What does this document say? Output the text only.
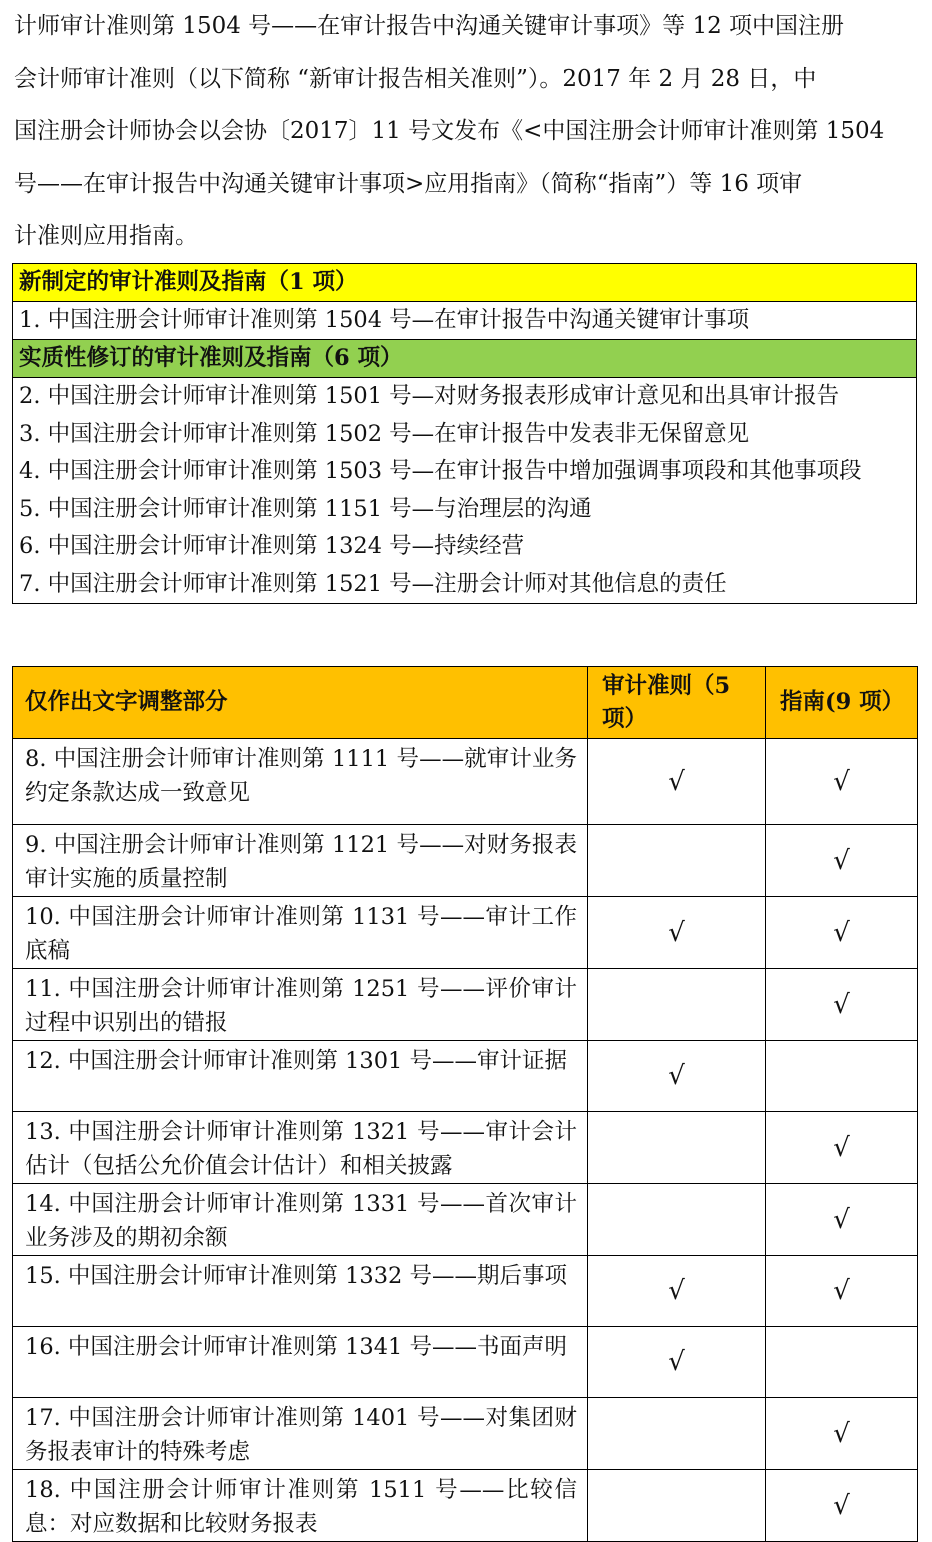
计师审计准则第 1504 号——在审计报告中沟通关键审计事项》等 12 项中国注册

会计师审计准则（以下简称 “新审计报告相关准则”）。2017 年 2 月 28 日，中

国注册会计师协会以会协〔2017〕11 号文发布《<中国注册会计师审计准则第 1504

号——在审计报告中沟通关键审计事项>应用指南》（简称“指南”）等 16 项审

计准则应用指南。

新制定的审计准则及指南（1 项）
1. 中国注册会计师审计准则第 1504 号—在审计报告中沟通关键审计事项
实质性修订的审计准则及指南（6 项）

2. 中国注册会计师审计准则第 1501 号—对财务报表形成审计意见和出具审计报告
3. 中国注册会计师审计准则第 1502 号—在审计报告中发表非无保留意见
4. 中国注册会计师审计准则第 1503 号—在审计报告中增加强调事项段和其他事项段
5. 中国注册会计师审计准则第 1151 号—与治理层的沟通
6. 中国注册会计师审计准则第 1324 号—持续经营
7. 中国注册会计师审计准则第 1521 号—注册会计师对其他信息的责任
仅作出文字调整部分	审计准则（5 项）	指南(9 项）
8. 中国注册会计师审计准则第 1111 号——就审计业务约定条款达成一致意见	√	√
9. 中国注册会计师审计准则第 1121 号——对财务报表审计实施的质量控制		√
10. 中国注册会计师审计准则第 1131 号——审计工作底稿	√	√
11. 中国注册会计师审计准则第 1251 号——评价审计过程中识别出的错报		√
12. 中国注册会计师审计准则第 1301 号——审计证据	√	
13. 中国注册会计师审计准则第 1321 号——审计会计估计（包括公允价值会计估计）和相关披露		√
14. 中国注册会计师审计准则第 1331 号——首次审计业务涉及的期初余额		√
15. 中国注册会计师审计准则第 1332 号——期后事项	√	√
16. 中国注册会计师审计准则第 1341 号——书面声明	√	
17. 中国注册会计师审计准则第 1401 号——对集团财务报表审计的特殊考虑		√
18. 中国注册会计师审计准则第 1511 号——比较信息：对应数据和比较财务报表		√
